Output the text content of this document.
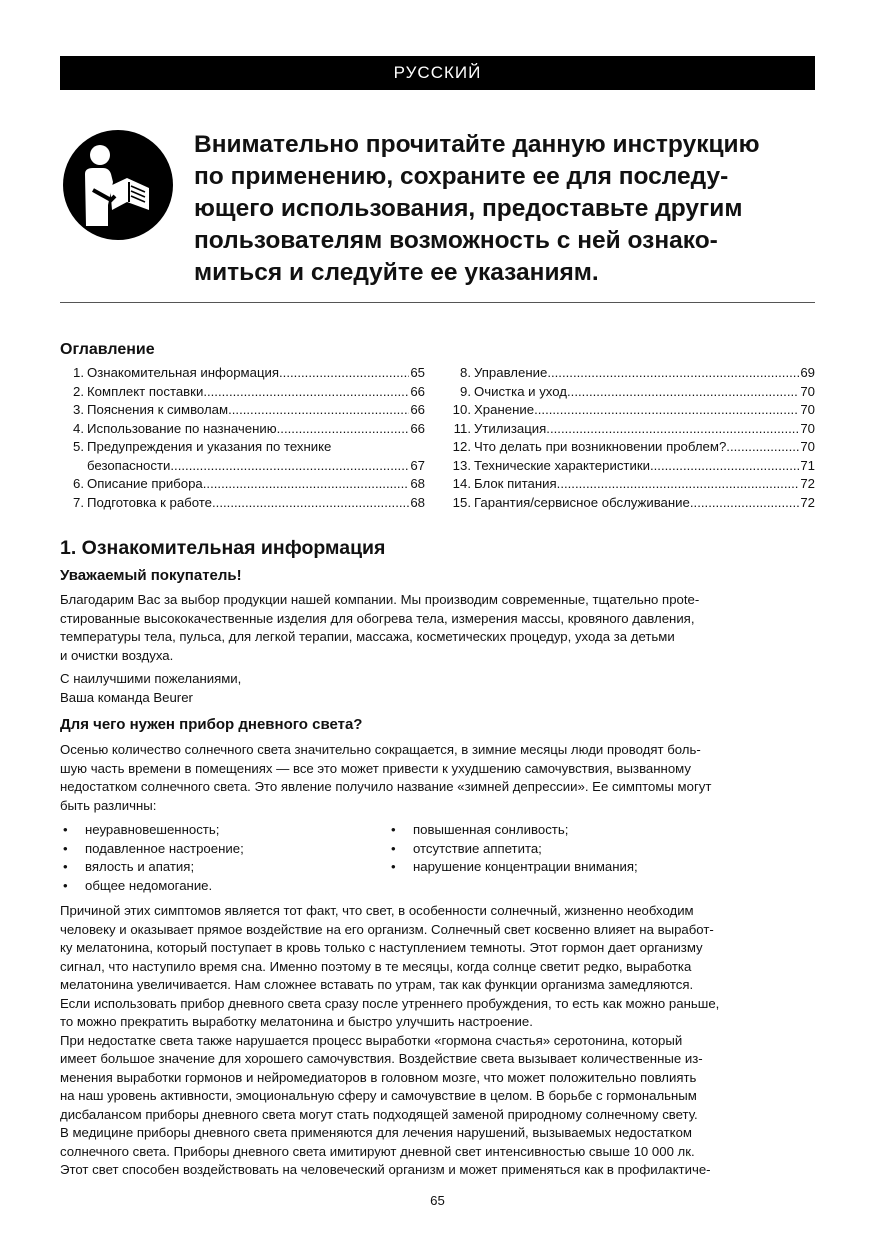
РУССКИЙ
Внимательно прочитайте данную инструкцию
по применению, сохраните ее для последу-
ющего использования, предоставьте другим
пользователям возможность с ней ознако-
миться и следуйте ее указаниям.
Оглавление
1. Ознакомительная информация .....	65
2. Комплект поставки .....	66
3. Пояснения к символам .....	66
4. Использование по назначению .....	66
5. Предупреждения и указания по технике
безопасности .....	67
6. Описание прибора .....	68
7. Подготовка к работе .....	68
8. Управление .....	69
9. Очистка и уход .....	70
10. Хранение .....	70
11. Утилизация .....	70
12. Что делать при возникновении проблем? .....	70
13. Технические характеристики .....	71
14. Блок питания .....	72
15. Гарантия/сервисное обслуживание .....	72
1. Ознакомительная информация
Уважаемый покупатель!

Благодарим Вас за выбор продукции нашей компании. Мы производим современные, тщательно прote-
стированные высококачественные изделия для обогрева тела, измерения массы, кровяного давления,
температуры тела, пульса, для легкой терапии, массажа, косметических процедур, ухода за детьми
и очистки воздуха.

С наилучшими пожеланиями,
Ваша команда Beurer

Для чего нужен прибор дневного света?

Осенью количество солнечного света значительно сокращается, в зимние месяцы люди проводят боль-
шую часть времени в помещениях — все это может привести к ухудшению самочувствия, вызванному
недостатком солнечного света. Это явление получило название «зимней депрессии». Ее симптомы могут
быть различны:

• неуравновешенность;
• подавленное настроение;
• вялость и апатия;
• общее недомогание.
• повышенная сонливость;
• отсутствие аппетита;
• нарушение концентрации внимания;

Причиной этих симптомов является тот факт, что свет, в особенности солнечный, жизненно необходим
человеку и оказывает прямое воздействие на его организм. Солнечный свет косвенно влияет на выработ-
ку мелатонина, который поступает в кровь только с наступлением темноты. Этот гормон дает организму
сигнал, что наступило время сна. Именно поэтому в те месяцы, когда солнце светит редко, выработка
мелатонина увеличивается. Нам сложнее вставать по утрам, так как функции организма замедляются.
Если использовать прибор дневного света сразу после утреннего пробуждения, то есть как можно раньше,
то можно прекратить выработку мелатонина и быстро улучшить настроение.
При недостатке света также нарушается процесс выработки «гормона счастья» серотонина, который
имеет большое значение для хорошего самочувствия. Воздействие света вызывает количественные из-
менения выработки гормонов и нейромедиаторов в головном мозге, что может положительно повлиять
на наш уровень активности, эмоциональную сферу и самочувствие в целом. В борьбе с гормональным
дисбалансом приборы дневного света могут стать подходящей заменой природному солнечному свету.
В медицине приборы дневного света применяются для лечения нарушений, вызываемых недостатком
солнечного света. Приборы дневного света имитируют дневной свет интенсивностью свыше 10 000 лк.
Этот свет способен воздействовать на человеческий организм и может применяться как в профилактиче-

65
